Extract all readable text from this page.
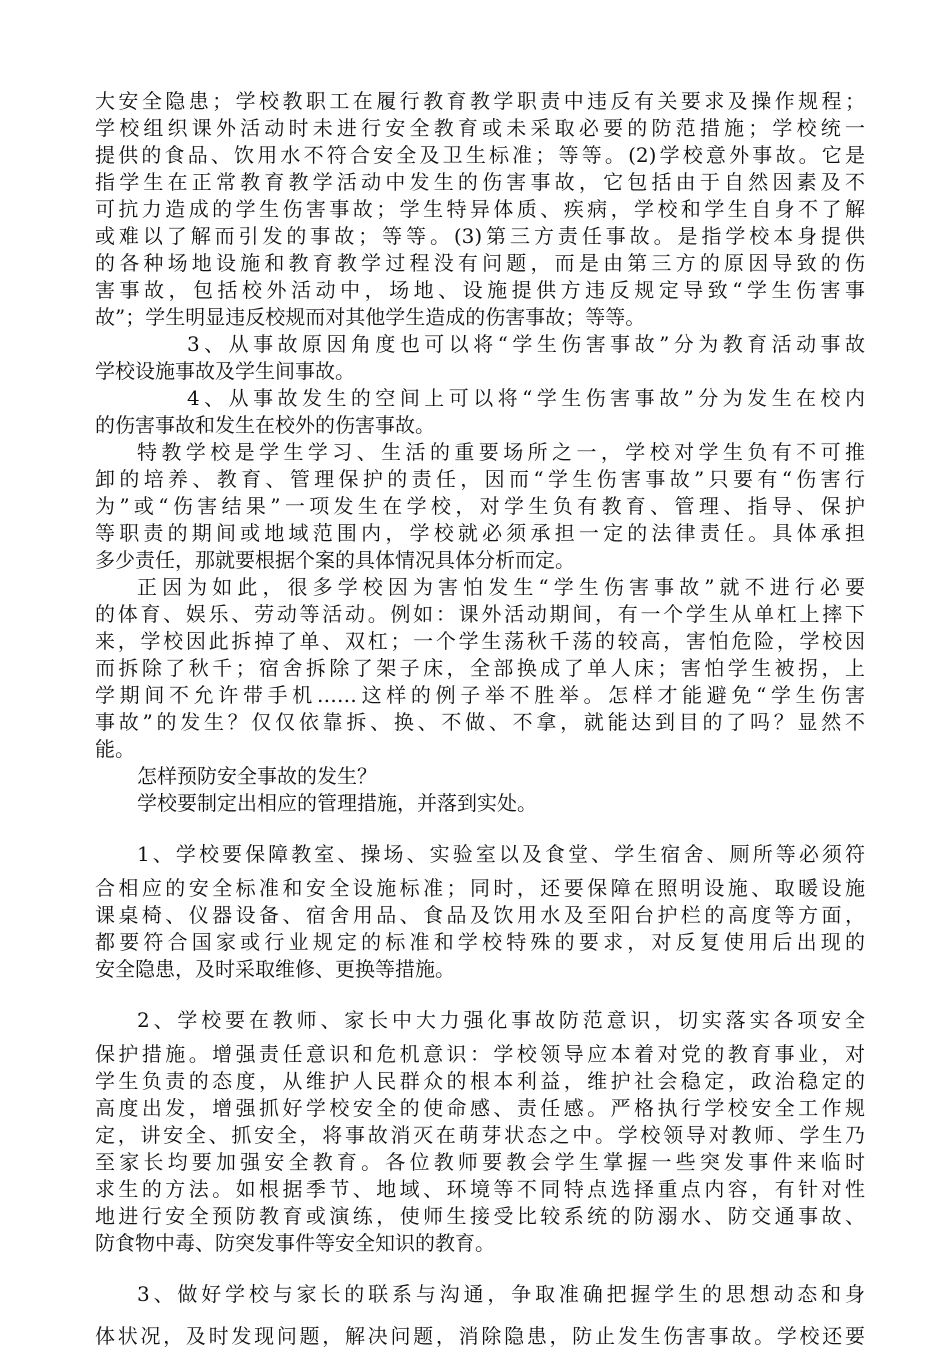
大安全隐患；学校教职工在履行教育教学职责中违反有关要求及操作规程；
学校组织课外活动时未进行安全教育或未采取必要的防范措施；学校统一
提供的食品、饮用水不符合安全及卫生标准；等等。(2)学校意外事故。它是
指学生在正常教育教学活动中发生的伤害事故，它包括由于自然因素及不
可抗力造成的学生伤害事故；学生特异体质、疾病，学校和学生自身不了解
或难以了解而引发的事故；等等。(3)第三方责任事故。是指学校本身提供
的各种场地设施和教育教学过程没有问题，而是由第三方的原因导致的伤
害事故，包括校外活动中，场地、设施提供方违反规定导致“学生伤害事
故”；学生明显违反校规而对其他学生造成的伤害事故；等等。
3、从事故原因角度也可以将“学生伤害事故”分为教育活动事故
学校设施事故及学生间事故。
4、从事故发生的空间上可以将“学生伤害事故”分为发生在校内
的伤害事故和发生在校外的伤害事故。
特教学校是学生学习、生活的重要场所之一，学校对学生负有不可推
卸的培养、教育、管理保护的责任，因而“学生伤害事故”只要有“伤害行
为”或“伤害结果”一项发生在学校，对学生负有教育、管理、指导、保护
等职责的期间或地域范围内，学校就必须承担一定的法律责任。具体承担
多少责任，那就要根据个案的具体情况具体分析而定。
正因为如此，很多学校因为害怕发生“学生伤害事故”就不进行必要
的体育、娱乐、劳动等活动。例如：课外活动期间，有一个学生从单杠上摔下
来，学校因此拆掉了单、双杠；一个学生荡秋千荡的较高，害怕危险，学校因
而拆除了秋千；宿舍拆除了架子床，全部换成了单人床；害怕学生被拐，上
学期间不允许带手机……这样的例子举不胜举。怎样才能避免“学生伤害
事故”的发生？仅仅依靠拆、换、不做、不拿，就能达到目的了吗？显然不
能。
怎样预防安全事故的发生？
学校要制定出相应的管理措施，并落到实处。
1、学校要保障教室、操场、实验室以及食堂、学生宿舍、厕所等必须符
合相应的安全标准和安全设施标准；同时，还要保障在照明设施、取暖设施
课桌椅、仪器设备、宿舍用品、食品及饮用水及至阳台护栏的高度等方面，
都要符合国家或行业规定的标准和学校特殊的要求，对反复使用后出现的
安全隐患，及时采取维修、更换等措施。
2、学校要在教师、家长中大力强化事故防范意识，切实落实各项安全
保护措施。增强责任意识和危机意识：学校领导应本着对党的教育事业，对
学生负责的态度，从维护人民群众的根本利益，维护社会稳定，政治稳定的
高度出发，增强抓好学校安全的使命感、责任感。严格执行学校安全工作规
定，讲安全、抓安全，将事故消灭在萌芽状态之中。学校领导对教师、学生乃
至家长均要加强安全教育。各位教师要教会学生掌握一些突发事件来临时
求生的方法。如根据季节、地域、环境等不同特点选择重点内容，有针对性
地进行安全预防教育或演练，使师生接受比较系统的防溺水、防交通事故、
防食物中毒、防突发事件等安全知识的教育。
3、做好学校与家长的联系与沟通，争取准确把握学生的思想动态和身
体状况，及时发现问题，解决问题，消除隐患，防止发生伤害事故。学校还要
